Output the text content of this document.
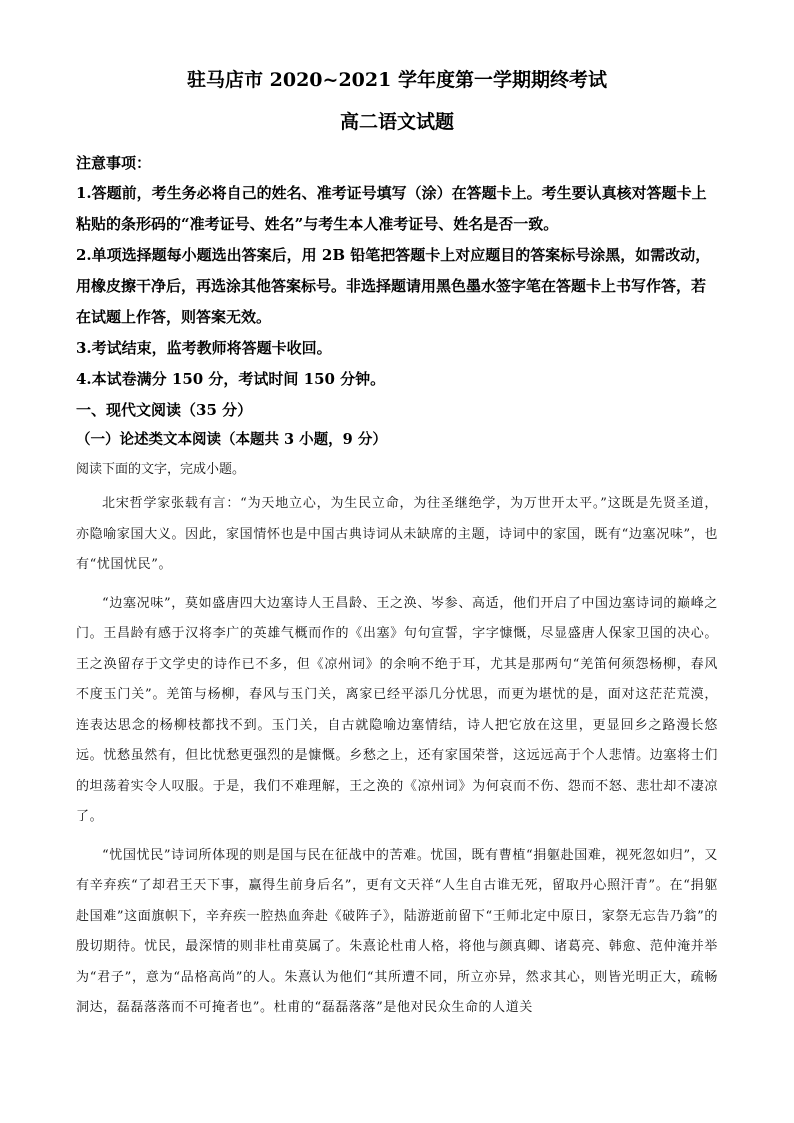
驻马店市 2020~2021 学年度第一学期期终考试

高二语文试题

注意事项：

1.答题前，考生务必将自己的姓名、准考证号填写（涂）在答题卡上。考生要认真核对答题卡上粘贴的条形码的“准考证号、姓名”与考生本人准考证号、姓名是否一致。

2.单项选择题每小题选出答案后，用 2B 铅笔把答题卡上对应题目的答案标号涂黑，如需改动，用橡皮擦干净后，再选涂其他答案标号。非选择题请用黑色墨水签字笔在答题卡上书写作答，若在试题上作答，则答案无效。

3.考试结束，监考教师将答题卡收回。

4.本试卷满分 150 分，考试时间 150 分钟。

一、现代文阅读（35 分）

（一）论述类文本阅读（本题共 3 小题，9 分）

阅读下面的文字，完成小题。

北宋哲学家张载有言：“为天地立心，为生民立命，为往圣继绝学，为万世开太平。”这既是先贤圣道，亦隐喻家国大义。因此，家国情怀也是中国古典诗词从未缺席的主题，诗词中的家国，既有“边塞况味”，也有“忧国忧民”。

“边塞况味”，莫如盛唐四大边塞诗人王昌龄、王之涣、岑参、高适，他们开启了中国边塞诗词的巅峰之门。王昌龄有感于汉将李广的英雄气概而作的《出塞》句句宣誓，字字慷慨，尽显盛唐人保家卫国的决心。王之涣留存于文学史的诗作已不多，但《凉州词》的余响不绝于耳，尤其是那两句“羌笛何须怨杨柳，春风不度玉门关”。羌笛与杨柳，春风与玉门关，离家已经平添几分忧思，而更为堪忧的是，面对这茫茫荒漠，连表达思念的杨柳枝都找不到。玉门关，自古就隐喻边塞情结，诗人把它放在这里，更显回乡之路漫长悠远。忧愁虽然有，但比忧愁更强烈的是慷慨。乡愁之上，还有家国荣誉，这远远高于个人悲情。边塞将士们的坦荡着实令人叹服。于是，我们不难理解，王之涣的《凉州词》为何哀而不伤、怨而不怒、悲壮却不凄凉了。

“忧国忧民”诗词所体现的则是国与民在征战中的苦难。忧国，既有曹植“捐躯赴国难，视死忽如归”，又有辛弃疾“了却君王天下事，赢得生前身后名”，更有文天祥“人生自古谁无死，留取丹心照汗青”。在“捐躯赴国难”这面旗帜下，辛弃疾一腔热血奔赴《破阵子》，陆游逝前留下“王师北定中原日，家祭无忘告乃翁”的殷切期待。忧民，最深情的则非杜甫莫属了。朱熹论杜甫人格，将他与颜真卿、诸葛亮、韩愈、范仲淹并举为“君子”，意为“品格高尚”的人。朱熹认为他们“其所遭不同，所立亦异，然求其心，则皆光明正大，疏畅洞达，磊磊落落而不可掩者也”。杜甫的“磊磊落落”是他对民众生命的人道关
